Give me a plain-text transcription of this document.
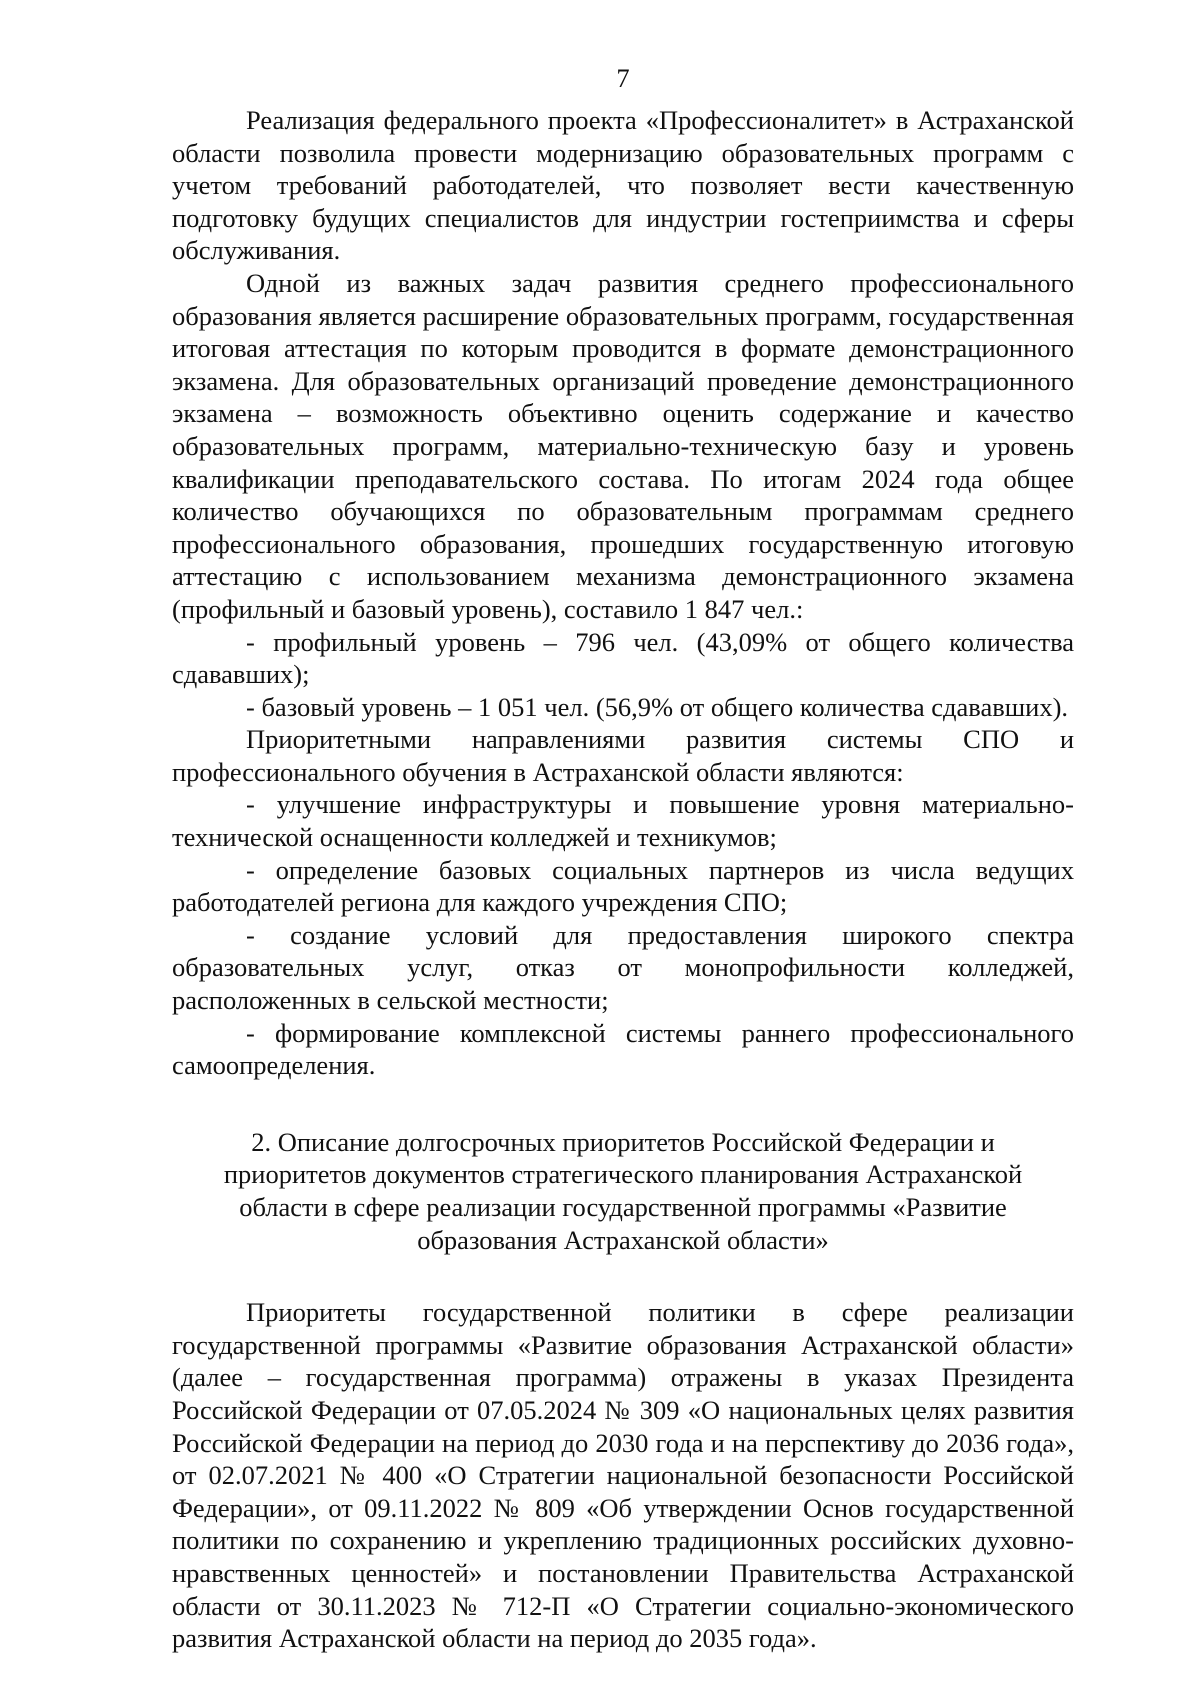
7

Реализация федерального проекта «Профессионалитет» в Астраханской области позволила провести модернизацию образовательных программ с учетом требований работодателей, что позволяет вести качественную подготовку будущих специалистов для индустрии гостеприимства и сферы обслуживания.

Одной из важных задач развития среднего профессионального образования является расширение образовательных программ, государственная итоговая аттестация по которым проводится в формате демонстрационного экзамена. Для образовательных организаций проведение демонстрационного экзамена – возможность объективно оценить содержание и качество образовательных программ, материально-техническую базу и уровень квалификации преподавательского состава. По итогам 2024 года общее количество обучающихся по образовательным программам среднего профессионального образования, прошедших государственную итоговую аттестацию с использованием механизма демонстрационного экзамена (профильный и базовый уровень), составило 1 847 чел.:

- профильный уровень – 796 чел. (43,09% от общего количества сдававших);

- базовый уровень – 1 051 чел. (56,9% от общего количества сдававших).

Приоритетными направлениями развития системы СПО и профессионального обучения в Астраханской области являются:

- улучшение инфраструктуры и повышение уровня материально-технической оснащенности колледжей и техникумов;

- определение базовых социальных партнеров из числа ведущих работодателей региона для каждого учреждения СПО;

- создание условий для предоставления широкого спектра образовательных услуг, отказ от монопрофильности колледжей, расположенных в сельской местности;

- формирование комплексной системы раннего профессионального самоопределения.

2. Описание долгосрочных приоритетов Российской Федерации и приоритетов документов стратегического планирования Астраханской области в сфере реализации государственной программы «Развитие образования Астраханской области»

Приоритеты государственной политики в сфере реализации государственной программы «Развитие образования Астраханской области» (далее – государственная программа) отражены в указах Президента Российской Федерации от 07.05.2024 № 309 «О национальных целях развития Российской Федерации на период до 2030 года и на перспективу до 2036 года», от 02.07.2021 № 400 «О Стратегии национальной безопасности Российской Федерации», от 09.11.2022 № 809 «Об утверждении Основ государственной политики по сохранению и укреплению традиционных российских духовно-нравственных ценностей» и постановлении Правительства Астраханской области от 30.11.2023 № 712-П «О Стратегии социально-экономического развития Астраханской области на период до 2035 года».
